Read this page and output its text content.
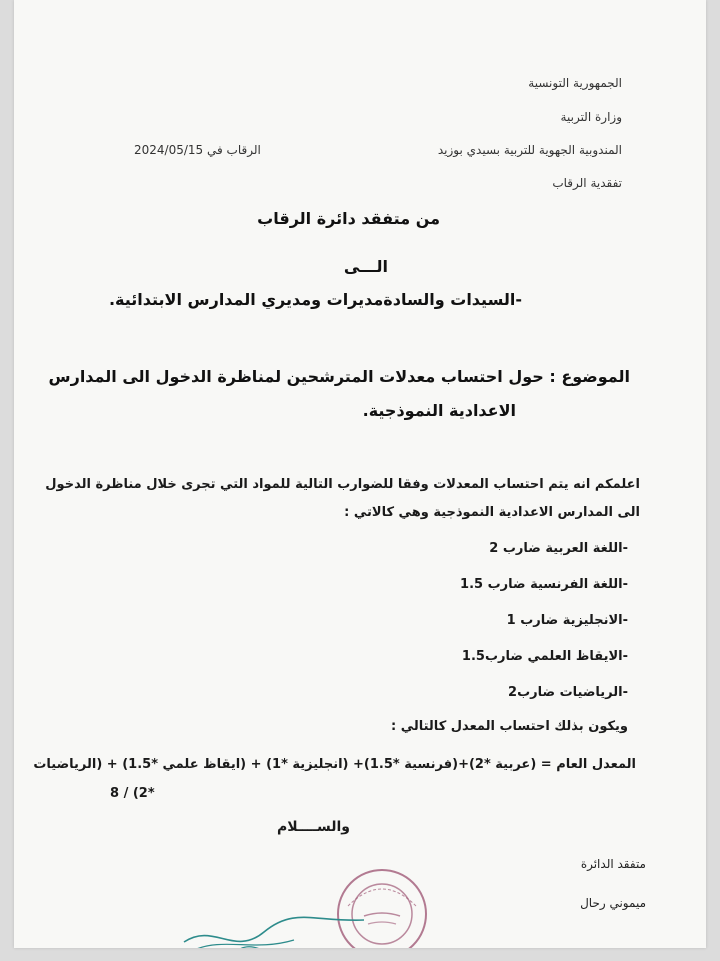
الجمهورية التونسية
وزارة التربية
المندوبية الجهوية للتربية بسيدي بوزيد
تفقدية الرقاب
الرقاب في 2024/05/15
من متفقد دائرة الرقاب
الـــى
-السيدات والسادةمديرات ومديري المدارس الابتدائية.
الموضوع : حول احتساب معدلات المترشحين لمناظرة الدخول الى المدارس
الاعدادية النموذجية.
اعلمكم انه يتم احتساب المعدلات وفقا للضوارب التالية للمواد التي تجرى خلال مناظرة الدخول
الى المدارس الاعدادية النموذجية وهي كالاتي :
-اللغة العربية ضارب 2
-اللغة الفرنسية ضارب 1.5
-الانجليزية ضارب 1
-الايقاظ العلمي ضارب1.5
-الرياضيات ضارب2
ويكون بذلك احتساب المعدل كالتالي :
المعدل العام = (عربية *2)+(فرنسية *1.5)+ (انجليزية *1) + (ايقاظ علمي *1.5) + (الرياضيات
8 / (2*
والســــلام
متفقد الدائرة
ميموني رحال
